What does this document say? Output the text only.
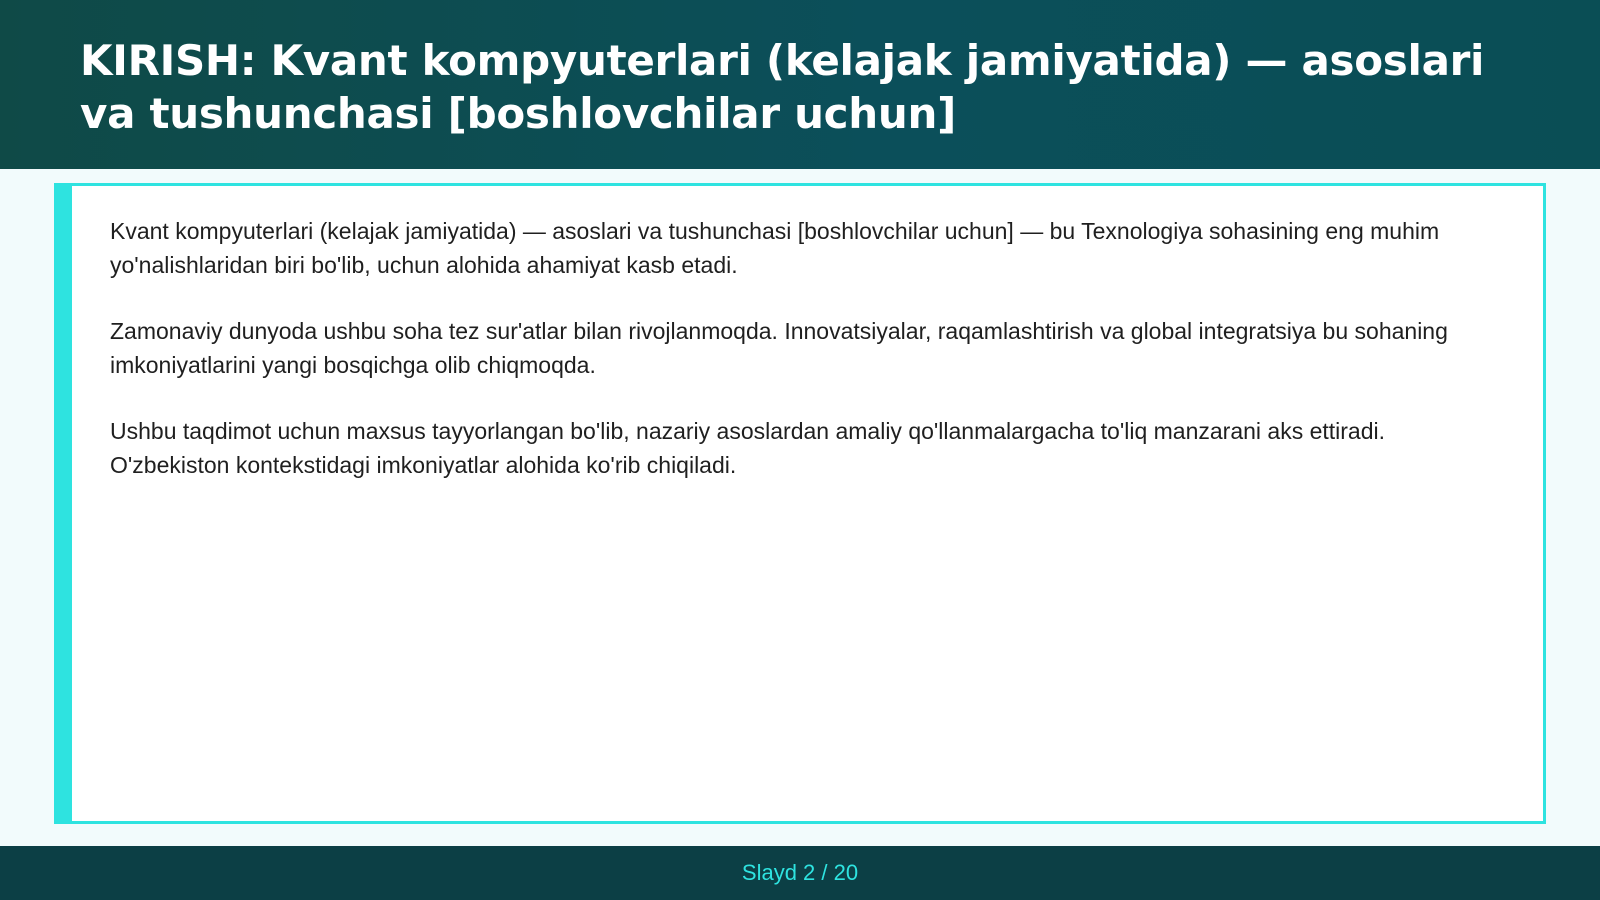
KIRISH: Kvant kompyuterlari (kelajak jamiyatida) — asoslari va tushunchasi [boshlovchilar uchun]

Kvant kompyuterlari (kelajak jamiyatida) — asoslari va tushunchasi [boshlovchilar uchun] — bu Texnologiya sohasining eng muhim yo'nalishlaridan biri bo'lib, uchun alohida ahamiyat kasb etadi.

Zamonaviy dunyoda ushbu soha tez sur'atlar bilan rivojlanmoqda. Innovatsiyalar, raqamlashtirish va global integratsiya bu sohaning imkoniyatlarini yangi bosqichga olib chiqmoqda.

Ushbu taqdimot uchun maxsus tayyorlangan bo'lib, nazariy asoslardan amaliy qo'llanmalargacha to'liq manzarani aks ettiradi. O'zbekiston kontekstidagi imkoniyatlar alohida ko'rib chiqiladi.

Slayd 2 / 20
